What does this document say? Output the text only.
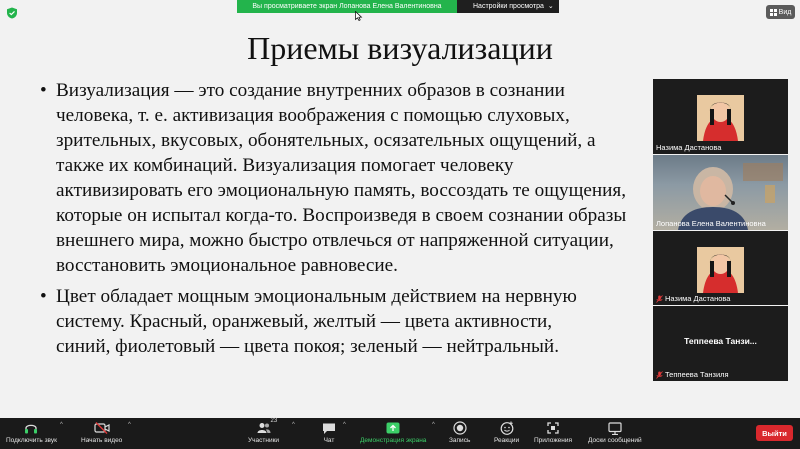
Вы просматриваете экран Лопанова Елена Валентиновна	Настройки просмотра ⌄
Вид
Приемы визуализации
• Визуализация — это создание внутренних образов в сознании
человека, т. е. активизация воображения с помощью слуховых,
зрительных, вкусовых, обонятельных, осязательных ощущений, а
также их комбинаций. Визуализация помогает человеку
активизировать его эмоциональную память, воссоздать те ощущения,
которые он испытал когда-то. Воспроизведя в своем сознании образы
внешнего мира, можно быстро отвлечься от напряженной ситуации,
восстановить эмоциональное равновесие.
• Цвет обладает мощным эмоциональным действием на нервную
систему. Красный, оранжевый, желтый — цвета активности,
синий, фиолетовый — цвета покоя; зеленый — нейтральный.
Назима Дастанова
Лопанова Елена Валентиновна
Назима Дастанова
Теппеева Танзи...
Теппеева Танзиля
Подключить звук
^
Начать видео
^
23
Участники
^
Чат
^
Демонстрация экрана
^
Запись	Реакции Приложения Доски сообщений
Выйти
